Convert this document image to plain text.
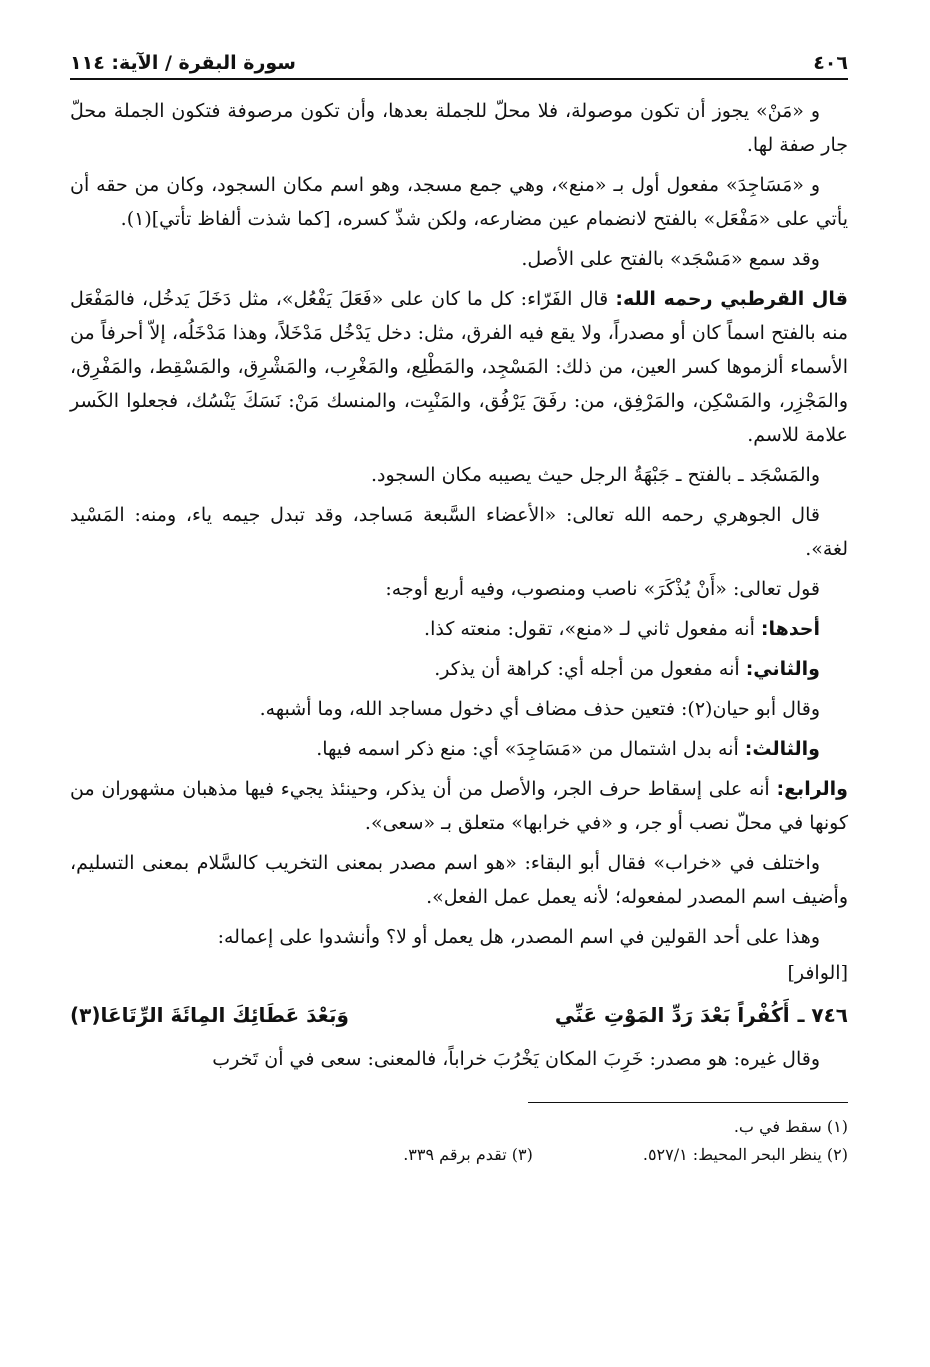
٤٠٦
سورة البقرة / الآية: ١١٤

و «مَنْ» يجوز أن تكون موصولة، فلا محلّ للجملة بعدها، وأن تكون مرصوفة فتكون الجملة محلّ جار صفة لها.

و «مَسَاجِدَ» مفعول أول بـ «منع»، وهي جمع مسجد، وهو اسم مكان السجود، وكان من حقه أن يأتي على «مَفْعَل» بالفتح لانضمام عين مضارعه، ولكن شذّ كسره، [كما شذت ألفاظ تأتي](١).

وقد سمع «مَسْجَد» بالفتح على الأصل.

قال القرطبي رحمه الله: قال الفَرّاء: كل ما كان على «فَعَلَ يَفْعُل»، مثل دَخَلَ يَدخُل، فالمَفْعَل منه بالفتح اسماً كان أو مصدراً، ولا يقع فيه الفرق، مثل: دخل يَدْخُل مَدْخَلاً، وهذا مَدْخَلُه، إلاّ أحرفاً من الأسماء ألزموها كسر العين، من ذلك: المَسْجِد، والمَطْلِع، والمَغْرِب، والمَشْرِق، والمَسْقِط، والمَفْرِق، والمَجْزِر، والمَسْكِن، والمَرْفِق، من: رفَقَ يَرْفُق، والمَنْبِت، والمنسك مَنْ: نَسَكَ يَنْسُك، فجعلوا الكَسر علامة للاسم.

والمَسْجَد ـ بالفتح ـ جَبْهَةُ الرجل حيث يصيبه مكان السجود.

قال الجوهري رحمه الله تعالى: «الأعضاء السَّبعة مَساجد، وقد تبدل جيمه ياء، ومنه: المَسْيد لغة».

قول تعالى: «أَنْ يُذْكَرَ» ناصب ومنصوب، وفيه أربع أوجه:

أحدها: أنه مفعول ثاني لـ «منع»، تقول: منعته كذا.

والثاني: أنه مفعول من أجله أي: كراهة أن يذكر.

وقال أبو حيان(٢): فتعين حذف مضاف أي دخول مساجد الله، وما أشبهه.

والثالث: أنه بدل اشتمال من «مَسَاجِدَ» أي: منع ذكر اسمه فيها.

والرابع: أنه على إسقاط حرف الجر، والأصل من أن يذكر، وحينئذ يجيء فيها مذهبان مشهوران من كونها في محلّ نصب أو جر، و «في خرابها» متعلق بـ «سعى».

واختلف في «خراب» فقال أبو البقاء: «هو اسم مصدر بمعنى التخريب كالسَّلام بمعنى التسليم، وأضيف اسم المصدر لمفعوله؛ لأنه يعمل عمل الفعل».

وهذا على أحد القولين في اسم المصدر، هل يعمل أو لا؟ وأنشدوا على إعماله:

[الوافر]

٧٤٦ ـ
أَكُفْراً بَعْدَ رَدِّ المَوْتِ عَنِّي
وَبَعْدَ عَطَائِكَ المِائَةَ الرِّتَاعَا(٣)

وقال غيره: هو مصدر: خَرِبَ المكان يَخْرُبَ خراباً، فالمعنى: سعى في أن تَخرب

(١) سقط في ب.
(٢) ينظر البحر المحيط: ٥٢٧/١.
(٣) تقدم برقم ٣٣٩.
